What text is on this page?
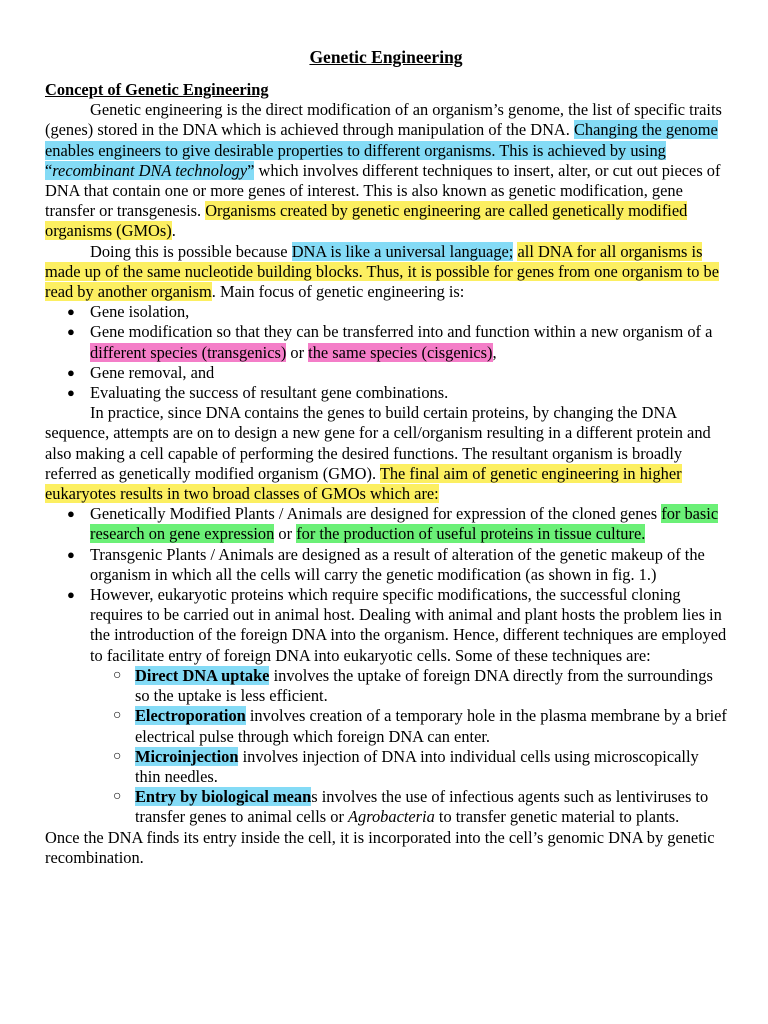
Genetic Engineering
Concept of Genetic Engineering

Genetic engineering is the direct modification of an organism’s genome, the list of specific traits (genes) stored in the DNA which is achieved through manipulation of the DNA. Changing the genome enables engineers to give desirable properties to different organisms. This is achieved by using “recombinant DNA technology” which involves different techniques to insert, alter, or cut out pieces of DNA that contain one or more genes of interest. This is also known as genetic modification, gene transfer or transgenesis. Organisms created by genetic engineering are called genetically modified organisms (GMOs).

Doing this is possible because DNA is like a universal language; all DNA for all organisms is made up of the same nucleotide building blocks. Thus, it is possible for genes from one organism to be read by another organism. Main focus of genetic engineering is:

● Gene isolation,
● Gene modification so that they can be transferred into and function within a new organism of a different species (transgenics) or the same species (cisgenics),
● Gene removal, and
● Evaluating the success of resultant gene combinations.

In practice, since DNA contains the genes to build certain proteins, by changing the DNA sequence, attempts are on to design a new gene for a cell/organism resulting in a different protein and also making a cell capable of performing the desired functions. The resultant organism is broadly referred as genetically modified organism (GMO). The final aim of genetic engineering in higher eukaryotes results in two broad classes of GMOs which are:

● Genetically Modified Plants / Animals are designed for expression of the cloned genes for basic research on gene expression or for the production of useful proteins in tissue culture.
● Transgenic Plants / Animals are designed as a result of alteration of the genetic makeup of the organism in which all the cells will carry the genetic modification (as shown in fig. 1.)
● However, eukaryotic proteins which require specific modifications, the successful cloning requires to be carried out in animal host. Dealing with animal and plant hosts the problem lies in the introduction of the foreign DNA into the organism. Hence, different techniques are employed to facilitate entry of foreign DNA into eukaryotic cells. Some of these techniques are:
○ Direct DNA uptake involves the uptake of foreign DNA directly from the surroundings so the uptake is less efficient.
○ Electroporation involves creation of a temporary hole in the plasma membrane by a brief electrical pulse through which foreign DNA can enter.
○ Microinjection involves injection of DNA into individual cells using microscopically thin needles.
○ Entry by biological means involves the use of infectious agents such as lentiviruses to transfer genes to animal cells or Agrobacteria to transfer genetic material to plants.

Once the DNA finds its entry inside the cell, it is incorporated into the cell’s genomic DNA by genetic recombination.
